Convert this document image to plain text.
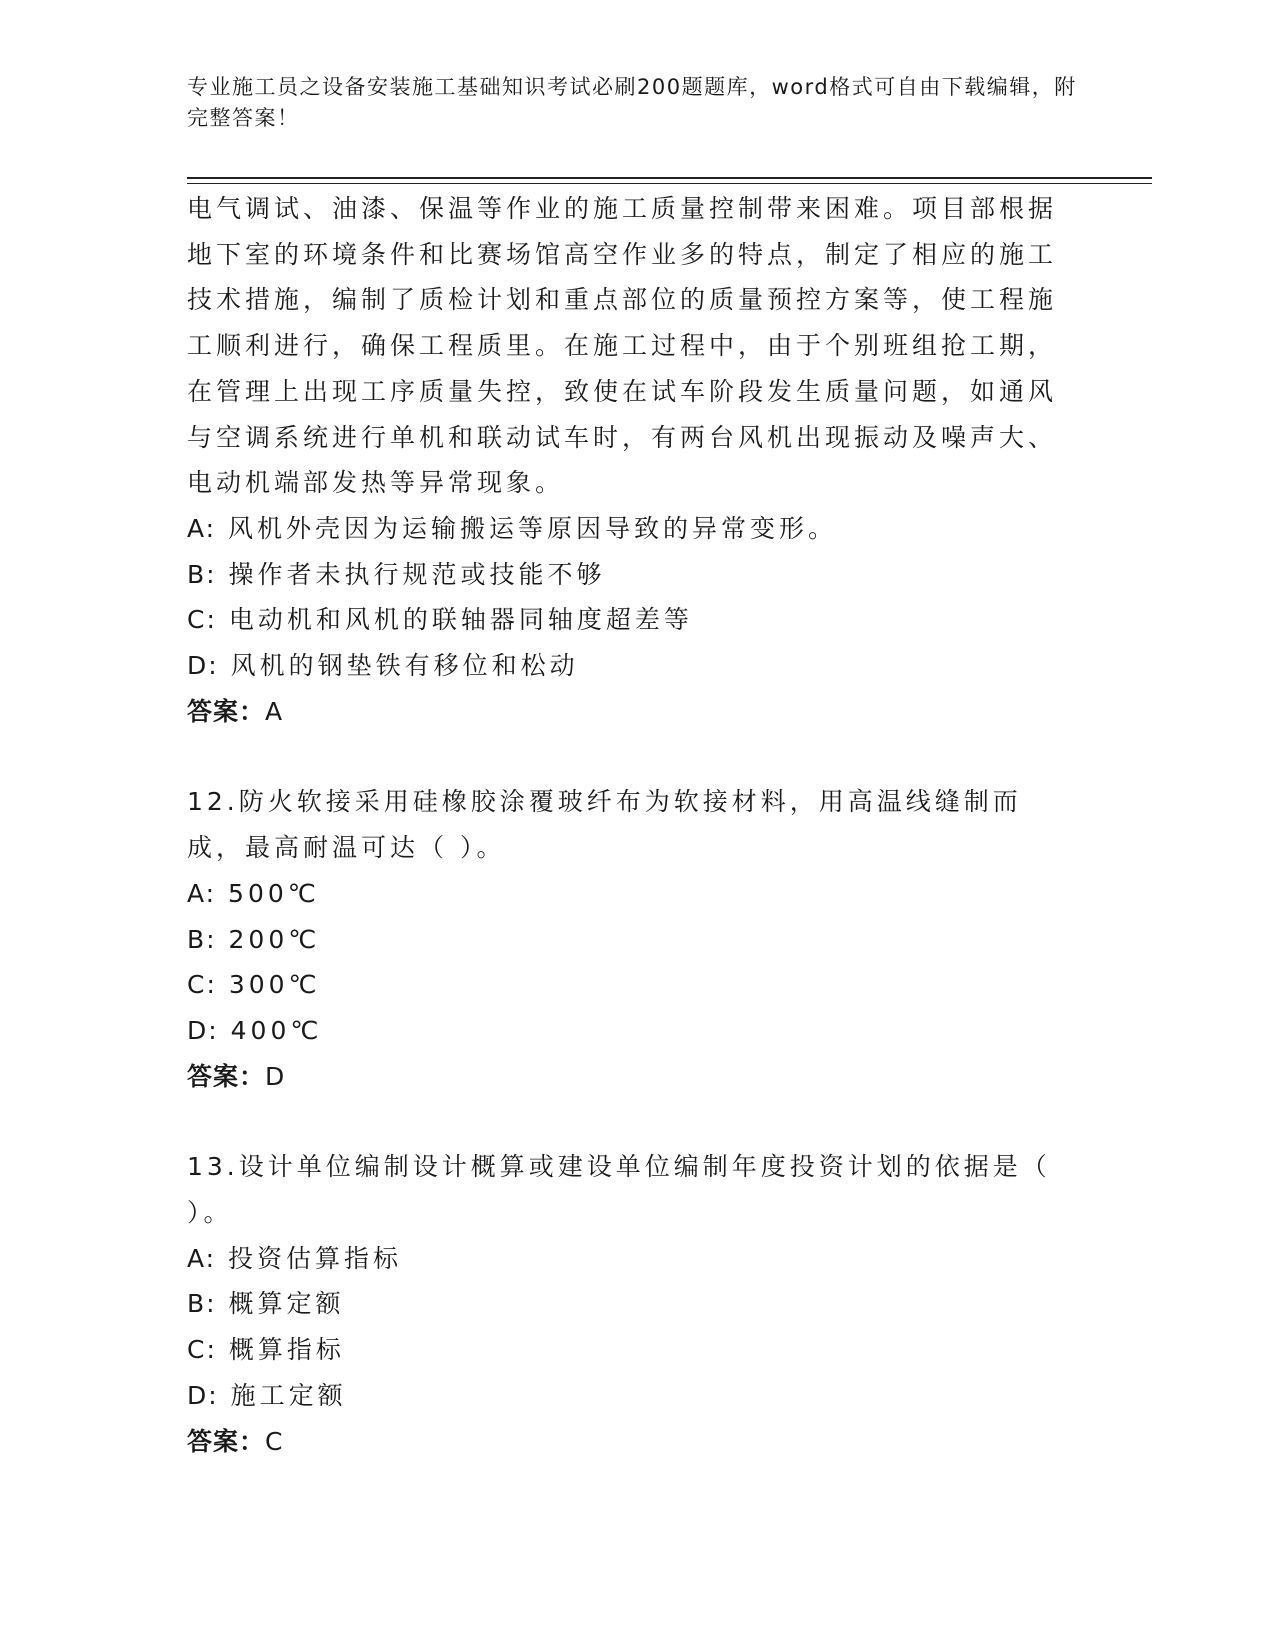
专业施工员之设备安装施工基础知识考试必刷200题题库，word格式可自由下载编辑，附完整答案！

电气调试、油漆、保温等作业的施工质量控制带来困难。项目部根据地下室的环境条件和比赛场馆高空作业多的特点，制定了相应的施工技术措施，编制了质检计划和重点部位的质量预控方案等，使工程施工顺利进行，确保工程质里。在施工过程中，由于个别班组抢工期，在管理上出现工序质量失控，致使在试车阶段发生质量问题，如通风与空调系统进行单机和联动试车时，有两台风机出现振动及噪声大、电动机端部发热等异常现象。

A: 风机外壳因为运输搬运等原因导致的异常变形。

B: 操作者未执行规范或技能不够

C: 电动机和风机的联轴器同轴度超差等

D: 风机的钢垫铁有移位和松动

答案：A

12.防火软接采用硅橡胶涂覆玻纤布为软接材料，用高温线缝制而成，最高耐温可达（ ）。

A: 500℃

B: 200℃

C: 300℃

D: 400℃

答案：D

13.设计单位编制设计概算或建设单位编制年度投资计划的依据是（ ）。

A: 投资估算指标

B: 概算定额

C: 概算指标

D: 施工定额

答案：C
